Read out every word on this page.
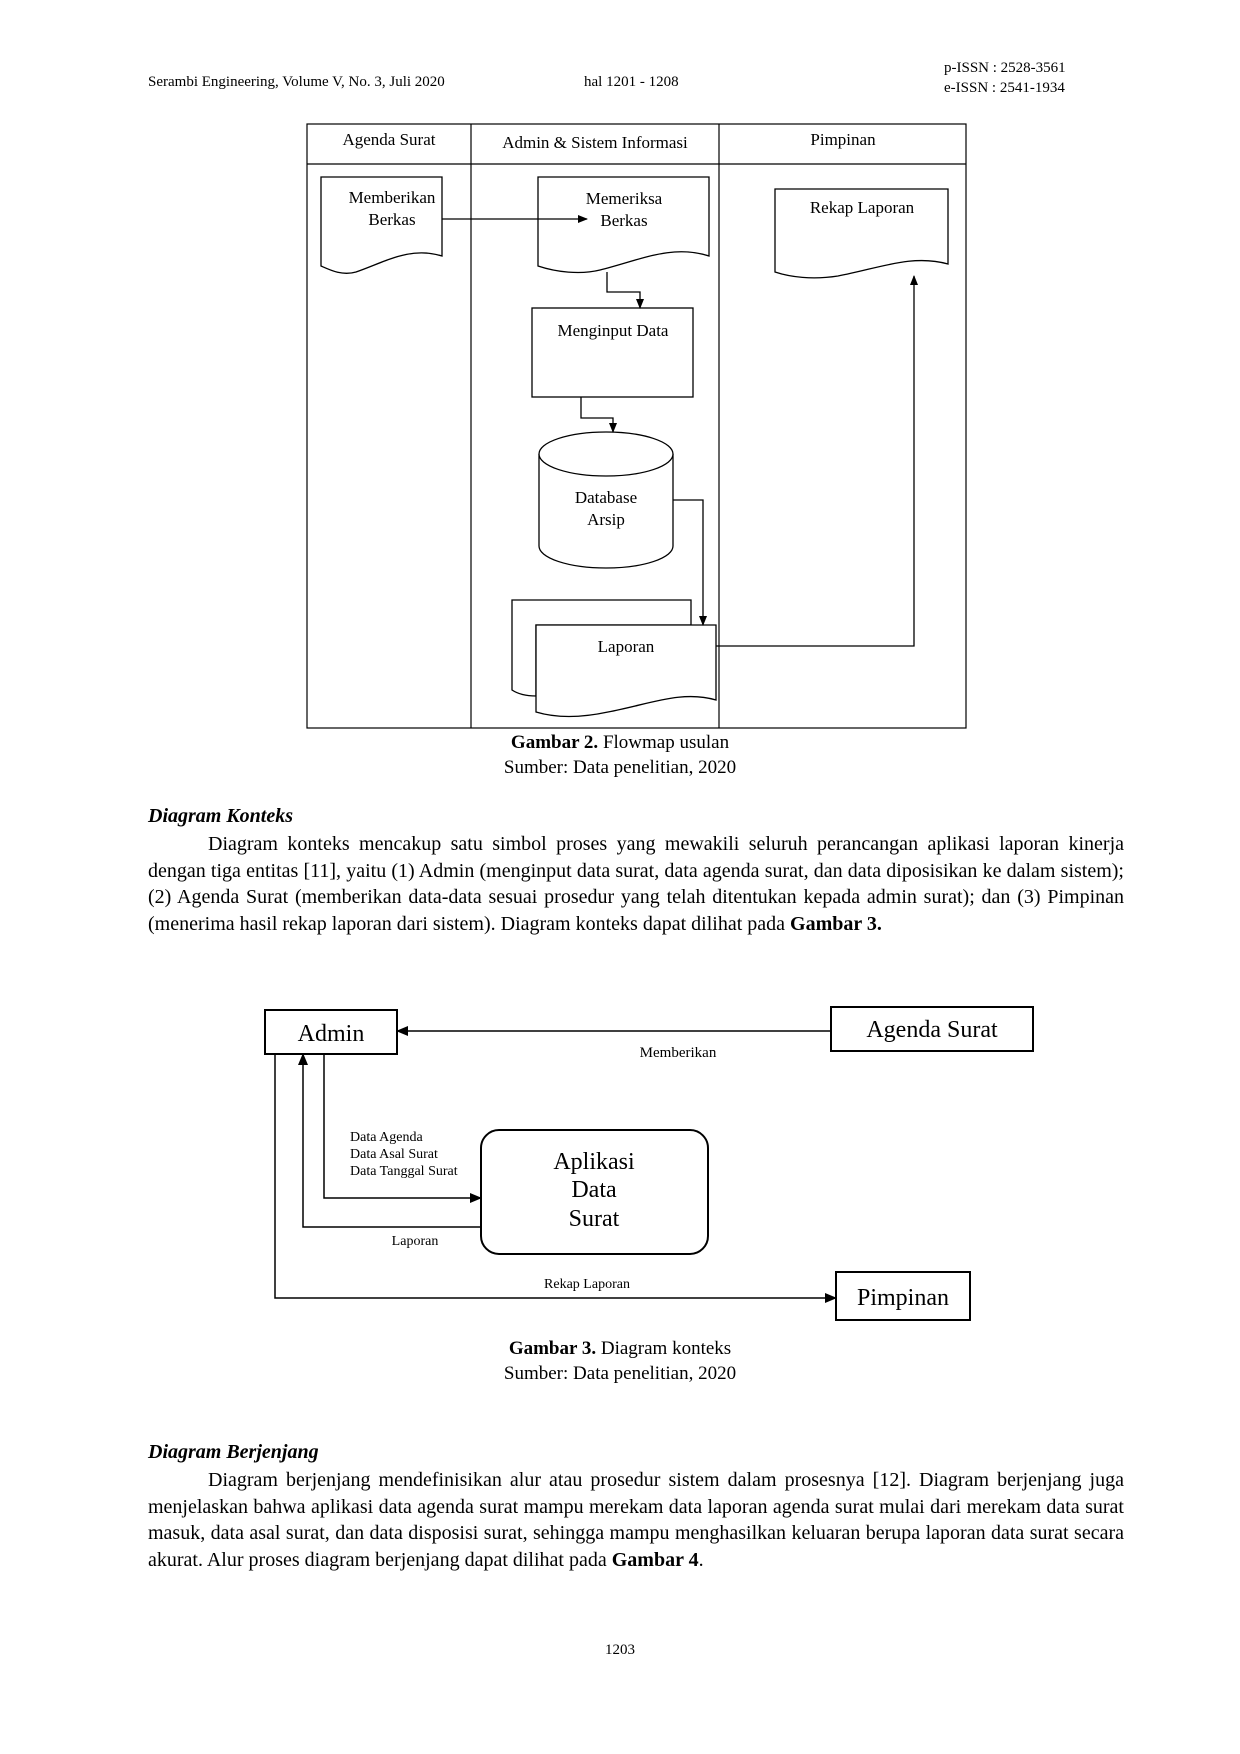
Serambi Engineering, Volume V, No. 3, Juli 2020	hal 1201 - 1208
p-ISSN : 2528-3561
e-ISSN : 2541-1934
Agenda Surat	Admin & Sistem Informasi	Pimpinan
Memberikan
Berkas
Memeriksa
Berkas
Rekap Laporan
Menginput Data
Database
Arsip
Laporan
Gambar 2. Flowmap usulan
Sumber: Data penelitian, 2020
Diagram Konteks
Diagram konteks mencakup satu simbol proses yang mewakili seluruh perancangan aplikasi laporan kinerja dengan tiga entitas [11], yaitu (1) Admin (menginput data surat, data agenda surat, dan data diposisikan ke dalam sistem); (2) Agenda Surat (memberikan data-data sesuai prosedur yang telah ditentukan kepada admin surat); dan (3) Pimpinan (menerima hasil rekap laporan dari sistem). Diagram konteks dapat dilihat pada Gambar 3.
Admin	Agenda Surat
Aplikasi
Data
Surat
Pimpinan
Memberikan
Data Agenda
Data Asal Surat
Data Tanggal Surat
Laporan
Rekap Laporan
Gambar 3. Diagram konteks
Sumber: Data penelitian, 2020
Diagram Berjenjang
Diagram berjenjang mendefinisikan alur atau prosedur sistem dalam prosesnya [12]. Diagram berjenjang juga menjelaskan bahwa aplikasi data agenda surat mampu merekam data laporan agenda surat mulai dari merekam data surat masuk, data asal surat, dan data disposisi surat, sehingga mampu menghasilkan keluaran berupa laporan data surat secara akurat. Alur proses diagram berjenjang dapat dilihat pada Gambar 4.
1203
